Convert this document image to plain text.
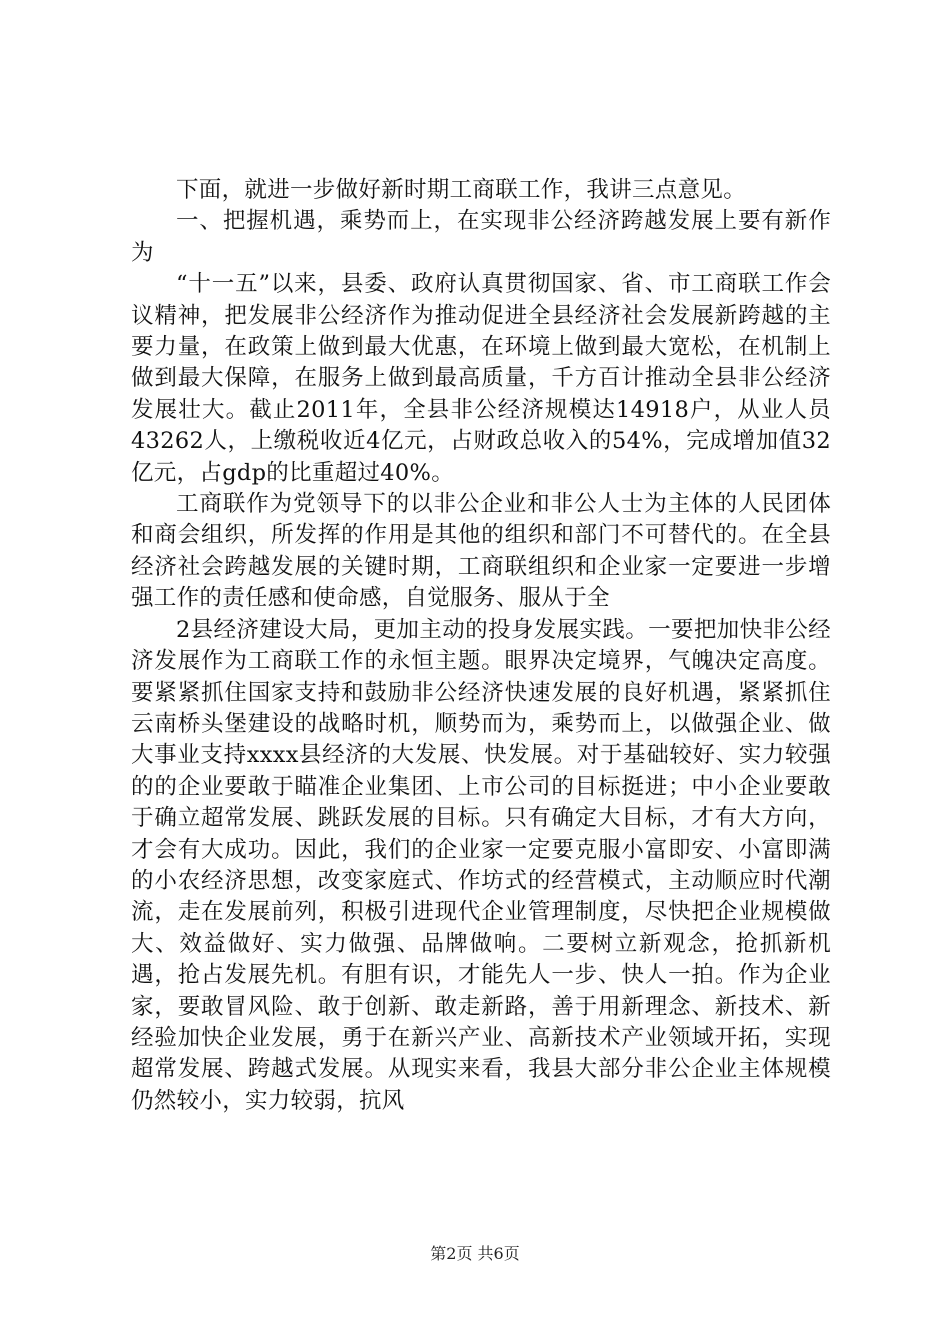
下面，就进一步做好新时期工商联工作，我讲三点意见。

一、把握机遇，乘势而上，在实现非公经济跨越发展上要有新作为

“十一五”以来，县委、政府认真贯彻国家、省、市工商联工作会议精神，把发展非公经济作为推动促进全县经济社会发展新跨越的主要力量，在政策上做到最大优惠，在环境上做到最大宽松，在机制上做到最大保障，在服务上做到最高质量，千方百计推动全县非公经济发展壮大。截止2011年，全县非公经济规模达14918户，从业人员43262人，上缴税收近4亿元，占财政总收入的54%，完成增加值32亿元，占gdp的比重超过40%。

工商联作为党领导下的以非公企业和非公人士为主体的人民团体和商会组织，所发挥的作用是其他的组织和部门不可替代的。在全县经济社会跨越发展的关键时期，工商联组织和企业家一定要进一步增强工作的责任感和使命感，自觉服务、服从于全

2县经济建设大局，更加主动的投身发展实践。一要把加快非公经济发展作为工商联工作的永恒主题。眼界决定境界，气魄决定高度。要紧紧抓住国家支持和鼓励非公经济快速发展的良好机遇，紧紧抓住云南桥头堡建设的战略时机，顺势而为，乘势而上，以做强企业、做大事业支持xxxx县经济的大发展、快发展。对于基础较好、实力较强的的企业要敢于瞄准企业集团、上市公司的目标挺进；中小企业要敢于确立超常发展、跳跃发展的目标。只有确定大目标，才有大方向，才会有大成功。因此，我们的企业家一定要克服小富即安、小富即满的小农经济思想，改变家庭式、作坊式的经营模式，主动顺应时代潮流，走在发展前列，积极引进现代企业管理制度，尽快把企业规模做大、效益做好、实力做强、品牌做响。二要树立新观念，抢抓新机遇，抢占发展先机。有胆有识，才能先人一步、快人一拍。作为企业家，要敢冒风险、敢于创新、敢走新路，善于用新理念、新技术、新经验加快企业发展，勇于在新兴产业、高新技术产业领域开拓，实现超常发展、跨越式发展。从现实来看，我县大部分非公企业主体规模仍然较小，实力较弱，抗风

第2页 共6页
